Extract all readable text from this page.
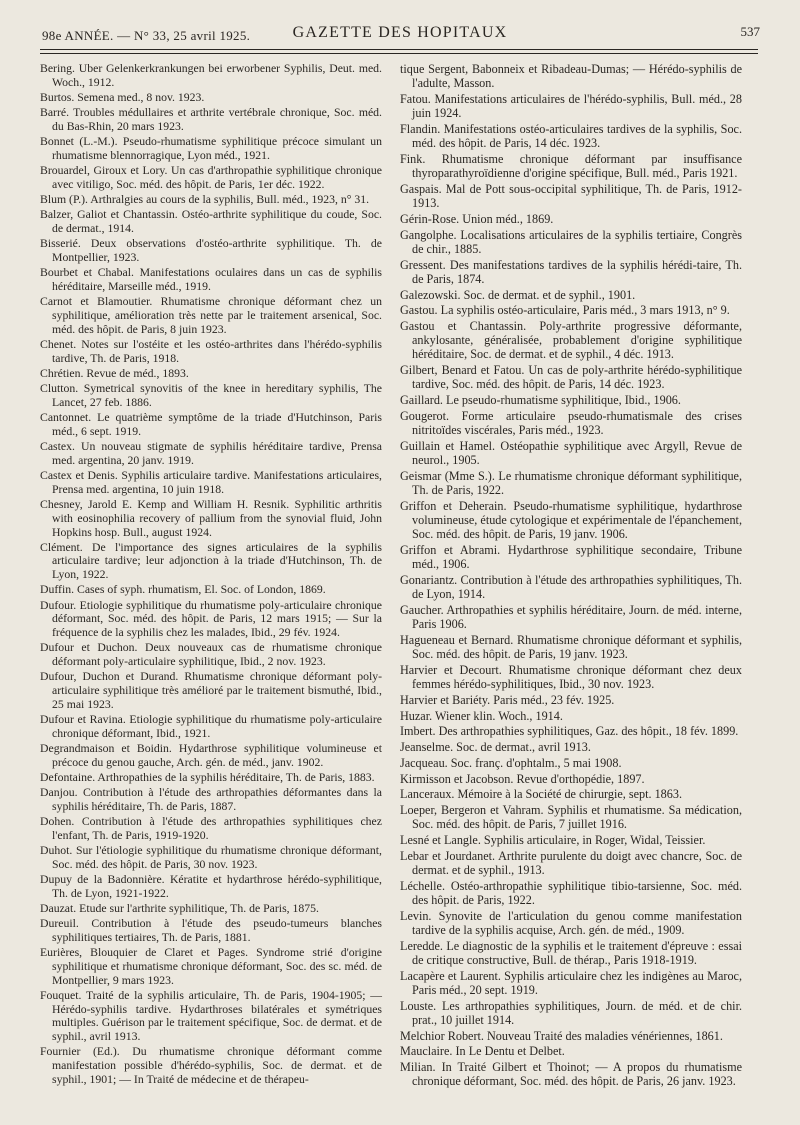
98e ANNÉE. — N° 33, 25 avril 1925.	GAZETTE DES HOPITAUX	537

Bering. Uber Gelenkerkrankungen bei erworbener Syphilis, Deut. med. Woch., 1912.

Burtos. Semena med., 8 nov. 1923.

Barré. Troubles médullaires et arthrite vertébrale chronique, Soc. méd. du Bas-Rhin, 20 mars 1923.

Bonnet (L.-M.). Pseudo-rhumatisme syphilitique précoce simulant un rhumatisme blennorragique, Lyon méd., 1921.

Brouardel, Giroux et Lory. Un cas d'arthropathie syphilitique chronique avec vitiligo, Soc. méd. des hôpit. de Paris, 1er déc. 1922.

Blum (P.). Arthralgies au cours de la syphilis, Bull. méd., 1923, n° 31.

Balzer, Galiot et Chantassin. Ostéo-arthrite syphilitique du coude, Soc. de dermat., 1914.

Bisserié. Deux observations d'ostéo-arthrite syphilitique. Th. de Montpellier, 1923.

Bourbet et Chabal. Manifestations oculaires dans un cas de syphilis héréditaire, Marseille méd., 1919.

Carnot et Blamoutier. Rhumatisme chronique déformant chez un syphilitique, amélioration très nette par le traitement arsenical, Soc. méd. des hôpit. de Paris, 8 juin 1923.

Chenet. Notes sur l'ostéite et les ostéo-arthrites dans l'hérédo-syphilis tardive, Th. de Paris, 1918.

Chrétien. Revue de méd., 1893.

Clutton. Symetrical synovitis of the knee in hereditary syphilis, The Lancet, 27 feb. 1886.

Cantonnet. Le quatrième symptôme de la triade d'Hutchinson, Paris méd., 6 sept. 1919.

Castex. Un nouveau stigmate de syphilis héréditaire tardive, Prensa med. argentina, 20 janv. 1919.

Castex et Denis. Syphilis articulaire tardive. Manifestations articulaires, Prensa med. argentina, 10 juin 1918.

Chesney, Jarold E. Kemp and William H. Resnik. Syphilitic arthritis with eosinophilia recovery of pallium from the synovial fluid, John Hopkins hosp. Bull., august 1924.

Clément. De l'importance des signes articulaires de la syphilis articulaire tardive; leur adjonction à la triade d'Hutchinson, Th. de Lyon, 1922.

Duffin. Cases of syph. rhumatism, El. Soc. of London, 1869.

Dufour. Etiologie syphilitique du rhumatisme poly-articulaire chronique déformant, Soc. méd. des hôpit. de Paris, 12 mars 1915; — Sur la fréquence de la syphilis chez les malades, Ibid., 29 fév. 1924.

Dufour et Duchon. Deux nouveaux cas de rhumatisme chronique déformant poly-articulaire syphilitique, Ibid., 2 nov. 1923.

Dufour, Duchon et Durand. Rhumatisme chronique déformant poly-articulaire syphilitique très amélioré par le traitement bismuthé, Ibid., 25 mai 1923.

Dufour et Ravina. Etiologie syphilitique du rhumatisme poly-articulaire chronique déformant, Ibid., 1921.

Degrandmaison et Boidin. Hydarthrose syphilitique volumineuse et précoce du genou gauche, Arch. gén. de méd., janv. 1902.

Defontaine. Arthropathies de la syphilis héréditaire, Th. de Paris, 1883.

Danjou. Contribution à l'étude des arthropathies déformantes dans la syphilis héréditaire, Th. de Paris, 1887.

Dohen. Contribution à l'étude des arthropathies syphilitiques chez l'enfant, Th. de Paris, 1919-1920.

Duhot. Sur l'étiologie syphilitique du rhumatisme chronique déformant, Soc. méd. des hôpit. de Paris, 30 nov. 1923.

Dupuy de la Badonnière. Kératite et hydarthrose hérédo-syphilitique, Th. de Lyon, 1921-1922.

Dauzat. Etude sur l'arthrite syphilitique, Th. de Paris, 1875.

Dureuil. Contribution à l'étude des pseudo-tumeurs blanches syphilitiques tertiaires, Th. de Paris, 1881.

Eurières, Blouquier de Claret et Pages. Syndrome strié d'origine syphilitique et rhumatisme chronique déformant, Soc. des sc. méd. de Montpellier, 9 mars 1923.

Fouquet. Traité de la syphilis articulaire, Th. de Paris, 1904-1905; — Hérédo-syphilis tardive. Hydarthroses bilatérales et symétriques multiples. Guérison par le traitement spécifique, Soc. de dermat. et de syphil., avril 1913.

Fournier (Ed.). Du rhumatisme chronique déformant comme manifestation possible d'hérédo-syphilis, Soc. de dermat. et de syphil., 1901; — In Traité de médecine et de thérapeu-

tique Sergent, Babonneix et Ribadeau-Dumas; — Hérédo-syphilis de l'adulte, Masson.

Fatou. Manifestations articulaires de l'hérédo-syphilis, Bull. méd., 28 juin 1924.

Flandin. Manifestations ostéo-articulaires tardives de la syphilis, Soc. méd. des hôpit. de Paris, 14 déc. 1923.

Fink. Rhumatisme chronique déformant par insuffisance thyroparathyroïdienne d'origine spécifique, Bull. méd., Paris 1921.

Gaspais. Mal de Pott sous-occipital syphilitique, Th. de Paris, 1912-1913.

Gérin-Rose. Union méd., 1869.

Gangolphe. Localisations articulaires de la syphilis tertiaire, Congrès de chir., 1885.

Gressent. Des manifestations tardives de la syphilis hérédi-taire, Th. de Paris, 1874.

Galezowski. Soc. de dermat. et de syphil., 1901.

Gastou. La syphilis ostéo-articulaire, Paris méd., 3 mars 1913, n° 9.

Gastou et Chantassin. Poly-arthrite progressive déformante, ankylosante, généralisée, probablement d'origine syphilitique héréditaire, Soc. de dermat. et de syphil., 4 déc. 1913.

Gilbert, Benard et Fatou. Un cas de poly-arthrite hérédo-syphilitique tardive, Soc. méd. des hôpit. de Paris, 14 déc. 1923.

Gaillard. Le pseudo-rhumatisme syphilitique, Ibid., 1906.

Gougerot. Forme articulaire pseudo-rhumatismale des crises nitritoïdes viscérales, Paris méd., 1923.

Guillain et Hamel. Ostéopathie syphilitique avec Argyll, Revue de neurol., 1905.

Geismar (Mme S.). Le rhumatisme chronique déformant syphilitique, Th. de Paris, 1922.

Griffon et Deherain. Pseudo-rhumatisme syphilitique, hydarthrose volumineuse, étude cytologique et expérimentale de l'épanchement, Soc. méd. des hôpit. de Paris, 19 janv. 1906.

Griffon et Abrami. Hydarthrose syphilitique secondaire, Tribune méd., 1906.

Gonariantz. Contribution à l'étude des arthropathies syphilitiques, Th. de Lyon, 1914.

Gaucher. Arthropathies et syphilis héréditaire, Journ. de méd. interne, Paris 1906.

Hagueneau et Bernard. Rhumatisme chronique déformant et syphilis, Soc. méd. des hôpit. de Paris, 19 janv. 1923.

Harvier et Decourt. Rhumatisme chronique déformant chez deux femmes hérédo-syphilitiques, Ibid., 30 nov. 1923.

Harvier et Bariéty. Paris méd., 23 fév. 1925.

Huzar. Wiener klin. Woch., 1914.

Imbert. Des arthropathies syphilitiques, Gaz. des hôpit., 18 fév. 1899.

Jeanselme. Soc. de dermat., avril 1913.

Jacqueau. Soc. franç. d'ophtalm., 5 mai 1908.

Kirmisson et Jacobson. Revue d'orthopédie, 1897.

Lanceraux. Mémoire à la Société de chirurgie, sept. 1863.

Loeper, Bergeron et Vahram. Syphilis et rhumatisme. Sa médication, Soc. méd. des hôpit. de Paris, 7 juillet 1916.

Lesné et Langle. Syphilis articulaire, in Roger, Widal, Teissier.

Lebar et Jourdanet. Arthrite purulente du doigt avec chancre, Soc. de dermat. et de syphil., 1913.

Léchelle. Ostéo-arthropathie syphilitique tibio-tarsienne, Soc. méd. des hôpit. de Paris, 1922.

Levin. Synovite de l'articulation du genou comme manifestation tardive de la syphilis acquise, Arch. gén. de méd., 1909.

Leredde. Le diagnostic de la syphilis et le traitement d'épreuve : essai de critique constructive, Bull. de thérap., Paris 1918-1919.

Lacapère et Laurent. Syphilis articulaire chez les indigènes au Maroc, Paris méd., 20 sept. 1919.

Louste. Les arthropathies syphilitiques, Journ. de méd. et de chir. prat., 10 juillet 1914.

Melchior Robert. Nouveau Traité des maladies vénériennes, 1861.

Mauclaire. In Le Dentu et Delbet.

Milian. In Traité Gilbert et Thoinot; — A propos du rhumatisme chronique déformant, Soc. méd. des hôpit. de Paris, 26 janv. 1923.
